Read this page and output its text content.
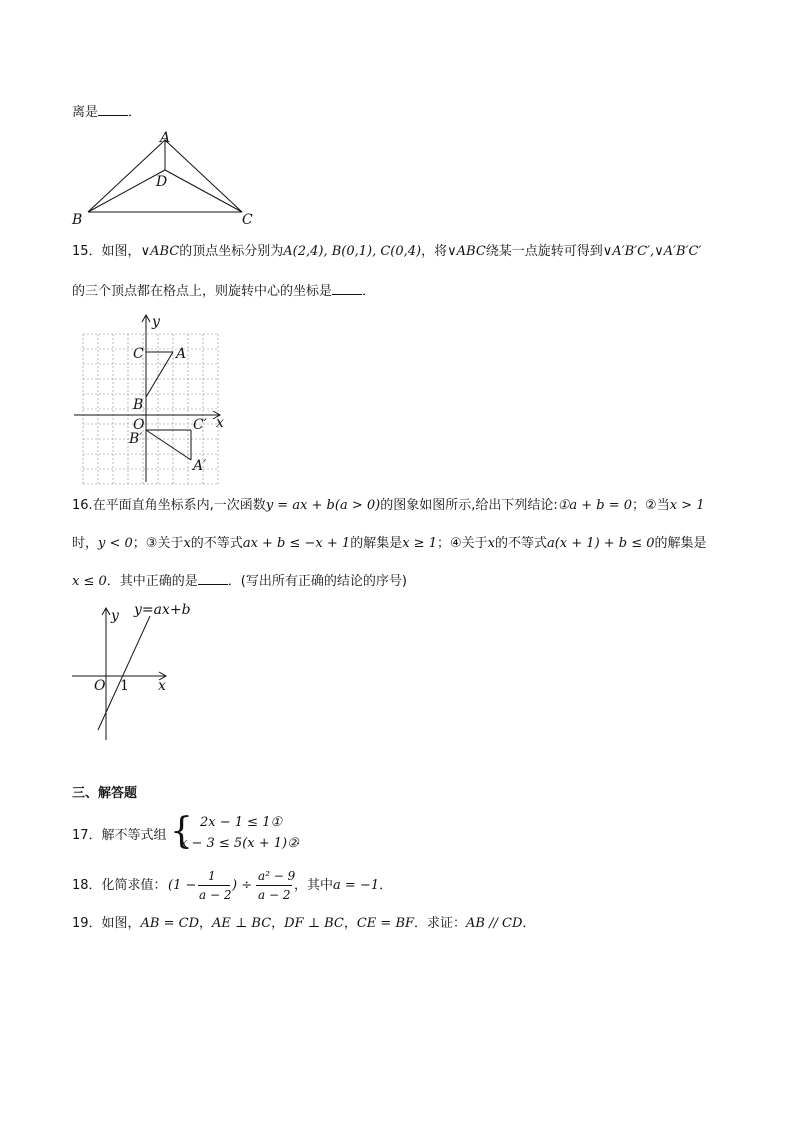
离是 ．
A
D
B	C
15．如图，∨ABC的顶点坐标分别为A(2,4), B(0,1), C(0,4)，将∨ABC绕某一点旋转可得到∨A′B′C′,∨A′B′C′
的三个顶点都在格点上，则旋转中心的坐标是 ．
y
x
C A
B
O	C′
B′
A′
16.在平面直角坐标系内,一次函数y = ax + b(a > 0)的图象如图所示,给出下列结论:①a + b = 0；②当x > 1
时，y < 0；③关于x的不等式ax + b ≤ −x + 1的解集是x ≥ 1；④关于x的不等式a(x + 1) + b ≤ 0的解集是
x ≤ 0．其中正确的是 ．(写出所有正确的结论的序号)
y y=ax+b
O 1 x
三、解答题
17．解不等式组 { 2x − 1 ≤ 1①
x − 3 ≤ 5(x + 1)②
．
18．化简求值： (1 −
1
a − 2
) ÷
a² − 9
a − 2
，其中a = −1．
19．如图，AB = CD，AE ⊥ BC，DF ⊥ BC，CE = BF．求证：AB // CD．
